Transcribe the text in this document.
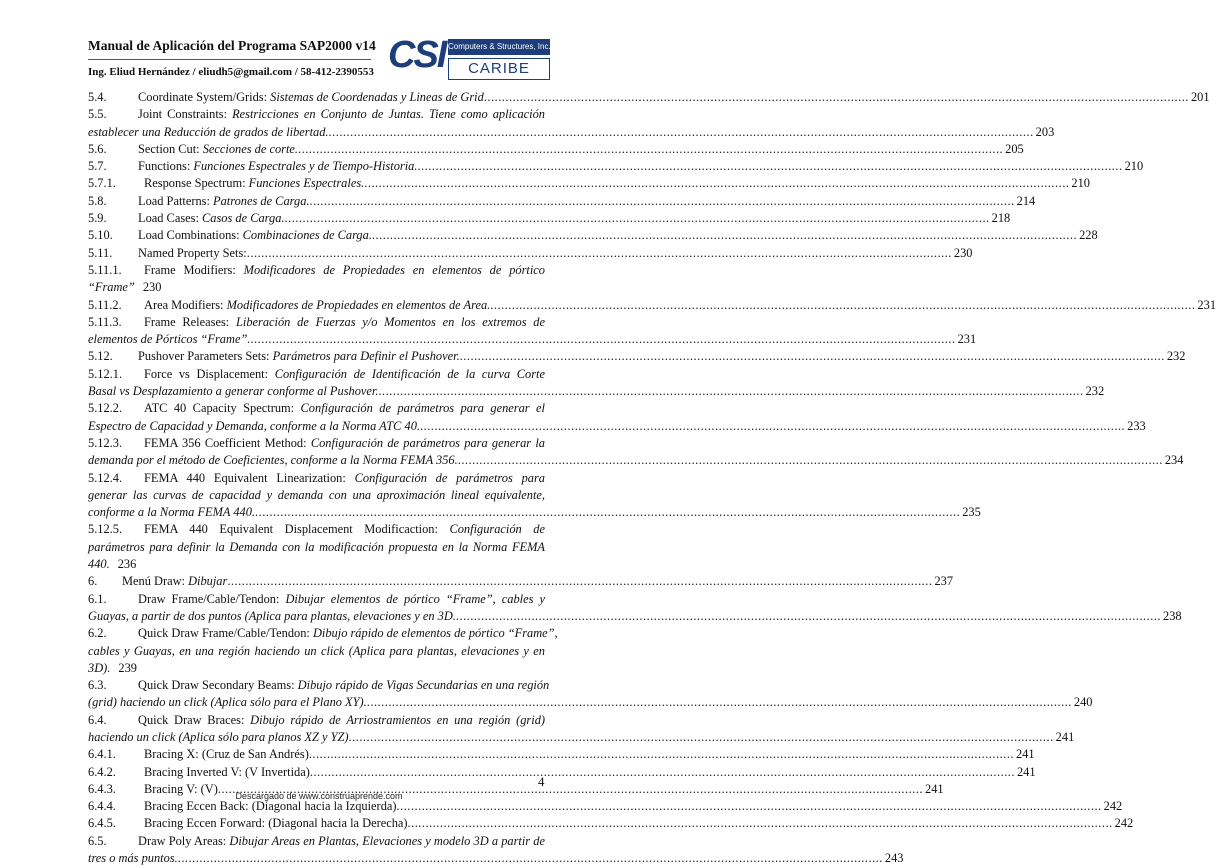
Manual de Aplicación del Programa SAP2000 v14
Ing. Eliud Hernández / eliudh5@gmail.com / 58-412-2390553 CSI Computers & Structures, Inc.
CARIBE
5.4.	Coordinate System/Grids: Sistemas de Coordenadas y Lineas de Grid .....	201
5.5.	Joint Constraints: Restricciones en Conjunto de Juntas. Tiene como aplicación
establecer una Reducción de grados de libertad. .....	203
5.6.	Section Cut: Secciones de corte. .....	205
5.7.	Functions: Funciones Espectrales y de Tiempo-Historia. .....	210
5.7.1. Response Spectrum: Funciones Espectrales. .....	210
5.8.	Load Patterns: Patrones de Carga. .....	214
5.9.	Load Cases: Casos de Carga. .....	218
5.10. Load Combinations: Combinaciones de Carga. .....	228
5.11. Named Property Sets: .....	230
5.11.1. Frame Modifiers: Modificadores de Propiedades en elementos de pórtico
“Frame” 230
5.11.2. Area Modifiers: Modificadores de Propiedades en elementos de Area. .....	231
5.11.3. Frame Releases: Liberación de Fuerzas y/o Momentos en los extremos de
elementos de Pórticos “Frame”. .....	231
5.12. Pushover Parameters Sets: Parámetros para Definir el Pushover. .....	232
5.12.1. Force vs Displacement: Configuración de Identificación de la curva Corte
Basal vs Desplazamiento a generar conforme al Pushover. .....	232
5.12.2. ATC 40 Capacity Spectrum: Configuración de parámetros para generar el
Espectro de Capacidad y Demanda, conforme a la Norma ATC 40. .....	233
5.12.3. FEMA 356 Coefficient Method: Configuración de parámetros para generar la
demanda por el método de Coeficientes, conforme a la Norma FEMA 356. .....	234
5.12.4. FEMA 440 Equivalent Linearization: Configuración de parámetros para
generar las curvas de capacidad y demanda con una aproximación lineal equivalente,
conforme a la Norma FEMA 440. .....	235
5.12.5. FEMA 440 Equivalent Displacement Modificaction: Configuración de
parámetros para definir la Demanda con la modificación propuesta en la Norma FEMA
440. 236
6. Menú Draw: Dibujar .....	237
6.1.	Draw Frame/Cable/Tendon: Dibujar elementos de pórtico “Frame”, cables y
Guayas, a partir de dos puntos (Aplica para plantas, elevaciones y en 3D. .....	238
6.2.	Quick Draw Frame/Cable/Tendon: Dibujo rápido de elementos de pórtico “Frame”,
cables y Guayas, en una región haciendo un click (Aplica para plantas, elevaciones y en
3D). 239
6.3.	Quick Draw Secondary Beams: Dibujo rápido de Vigas Secundarias en una región
(grid) haciendo un click (Aplica sólo para el Plano XY). .....	240
6.4.	Quick Draw Braces: Dibujo rápido de Arriostramientos en una región (grid)
haciendo un click (Aplica sólo para planos XZ y YZ) .....	241
6.4.1. Bracing X: (Cruz de San Andrés) .....	241
6.4.2. Bracing Inverted V: (V Invertida) .....	241
6.4.3. Bracing V: (V) .....	241
6.4.4. Bracing Eccen Back: (Diagonal hacia la Izquierda) .....	242
6.4.5. Bracing Eccen Forward: (Diagonal hacia la Derecha) .....	242
6.5.	Draw Poly Areas: Dibujar Areas en Plantas, Elevaciones y modelo 3D a partir de
tres o más puntos. .....	243
4
Descargado de www.construaprende.com
